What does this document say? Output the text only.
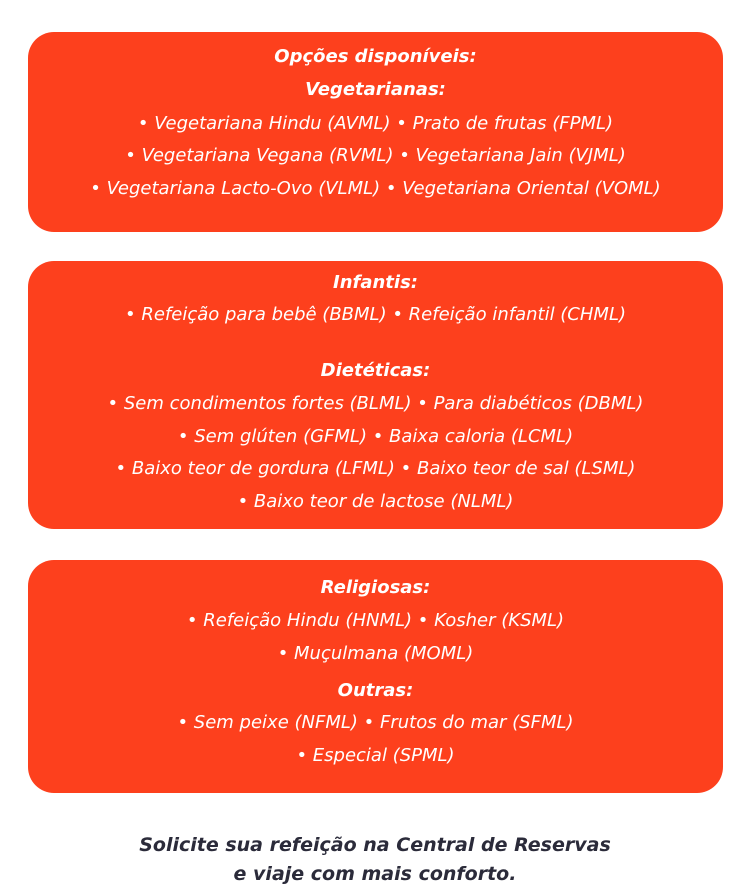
Opções disponíveis:
Vegetarianas:
• Vegetariana Hindu (AVML) • Prato de frutas (FPML)
• Vegetariana Vegana (RVML) • Vegetariana Jain (VJML)
• Vegetariana Lacto-Ovo (VLML) • Vegetariana Oriental (VOML)
Infantis:
• Refeição para bebê (BBML) • Refeição infantil (CHML)
Dietéticas:
• Sem condimentos fortes (BLML) • Para diabéticos (DBML)
• Sem glúten (GFML) • Baixa caloria (LCML)
• Baixo teor de gordura (LFML) • Baixo teor de sal (LSML)
• Baixo teor de lactose (NLML)
Religiosas:
• Refeição Hindu (HNML) • Kosher (KSML)
• Muçulmana (MOML)
Outras:
• Sem peixe (NFML) • Frutos do mar (SFML)
• Especial (SPML)
Solicite sua refeição na Central de Reservas
e viaje com mais conforto.
